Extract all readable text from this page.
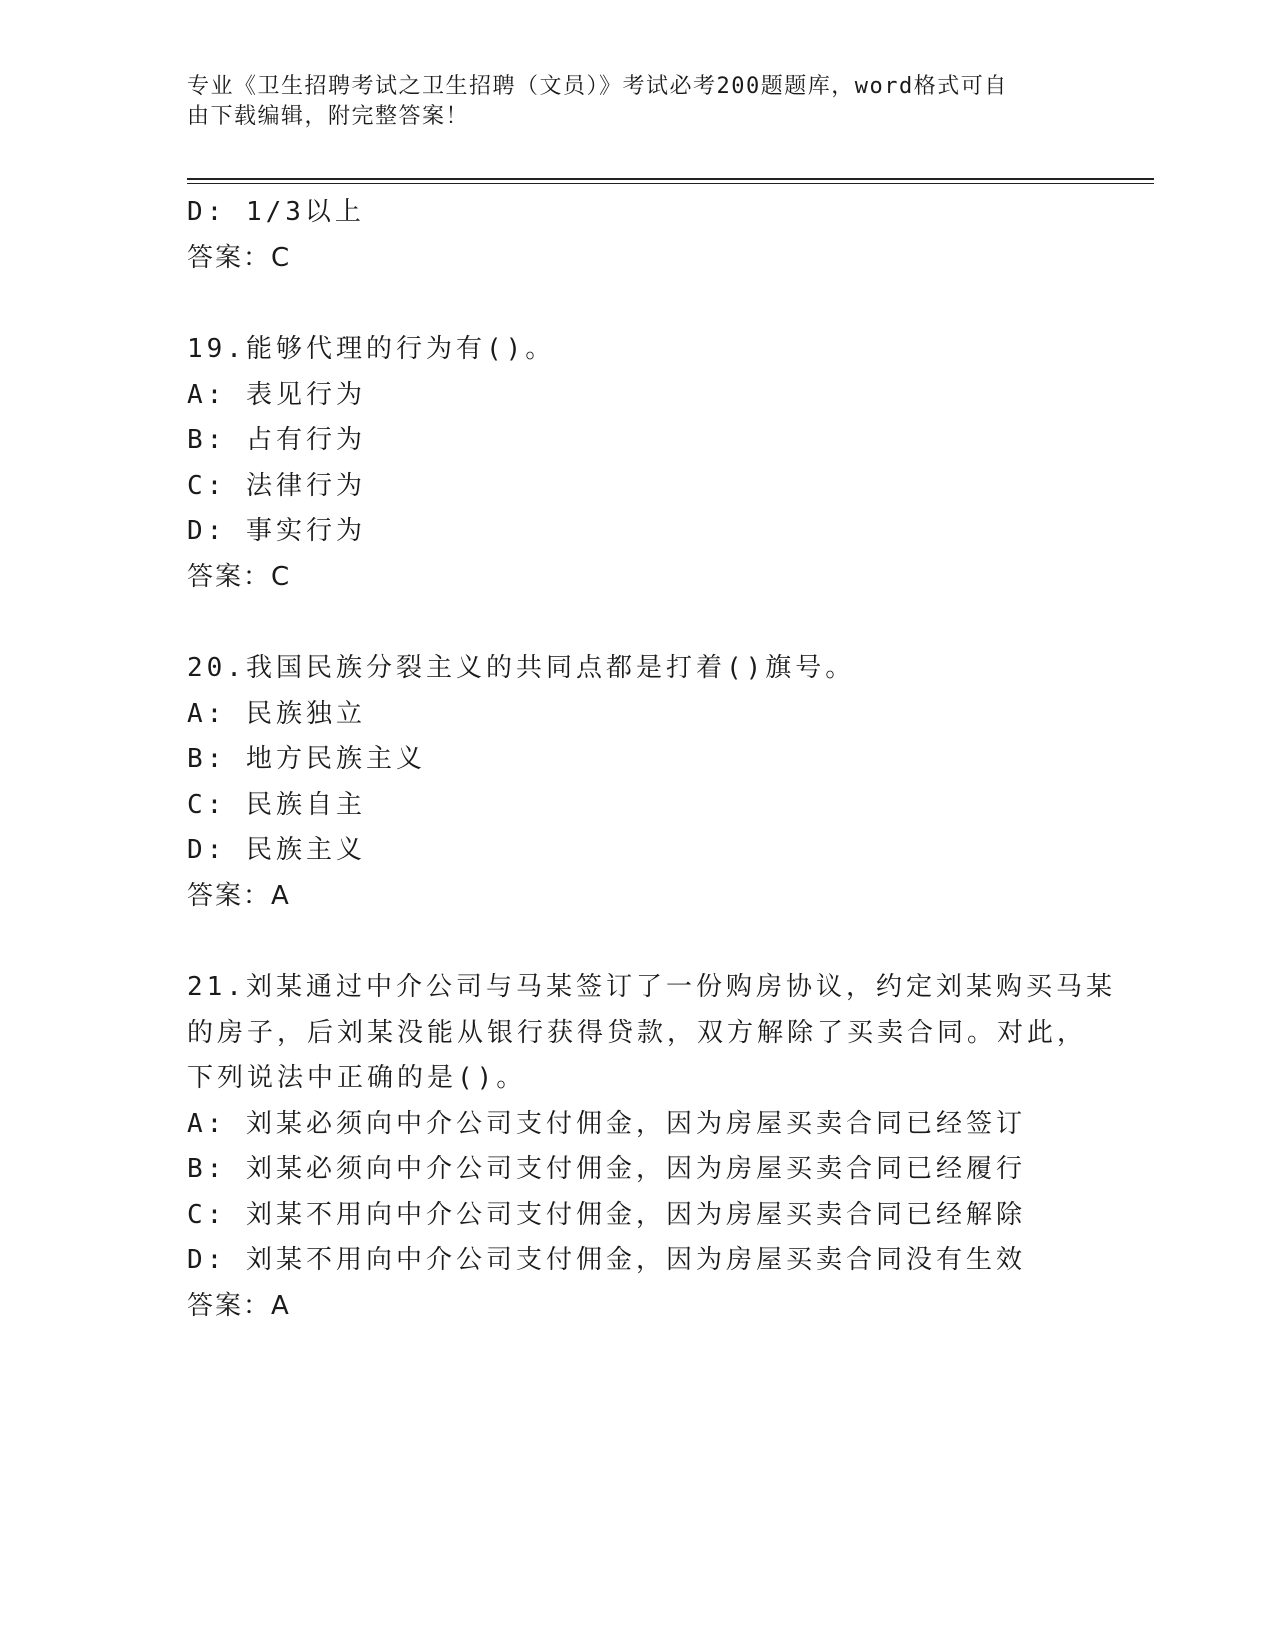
专业《卫生招聘考试之卫生招聘（文员）》考试必考200题题库，word格式可自
由下载编辑，附完整答案！
D: 1/3以上
答案：C
19.能够代理的行为有()。
A: 表见行为
B: 占有行为
C: 法律行为
D: 事实行为
答案：C
20.我国民族分裂主义的共同点都是打着()旗号。
A: 民族独立
B: 地方民族主义
C: 民族自主
D: 民族主义
答案：A
21.刘某通过中介公司与马某签订了一份购房协议，约定刘某购买马某
的房子，后刘某没能从银行获得贷款，双方解除了买卖合同。对此，
下列说法中正确的是()。
A: 刘某必须向中介公司支付佣金，因为房屋买卖合同已经签订
B: 刘某必须向中介公司支付佣金，因为房屋买卖合同已经履行
C: 刘某不用向中介公司支付佣金，因为房屋买卖合同已经解除
D: 刘某不用向中介公司支付佣金，因为房屋买卖合同没有生效
答案：A
